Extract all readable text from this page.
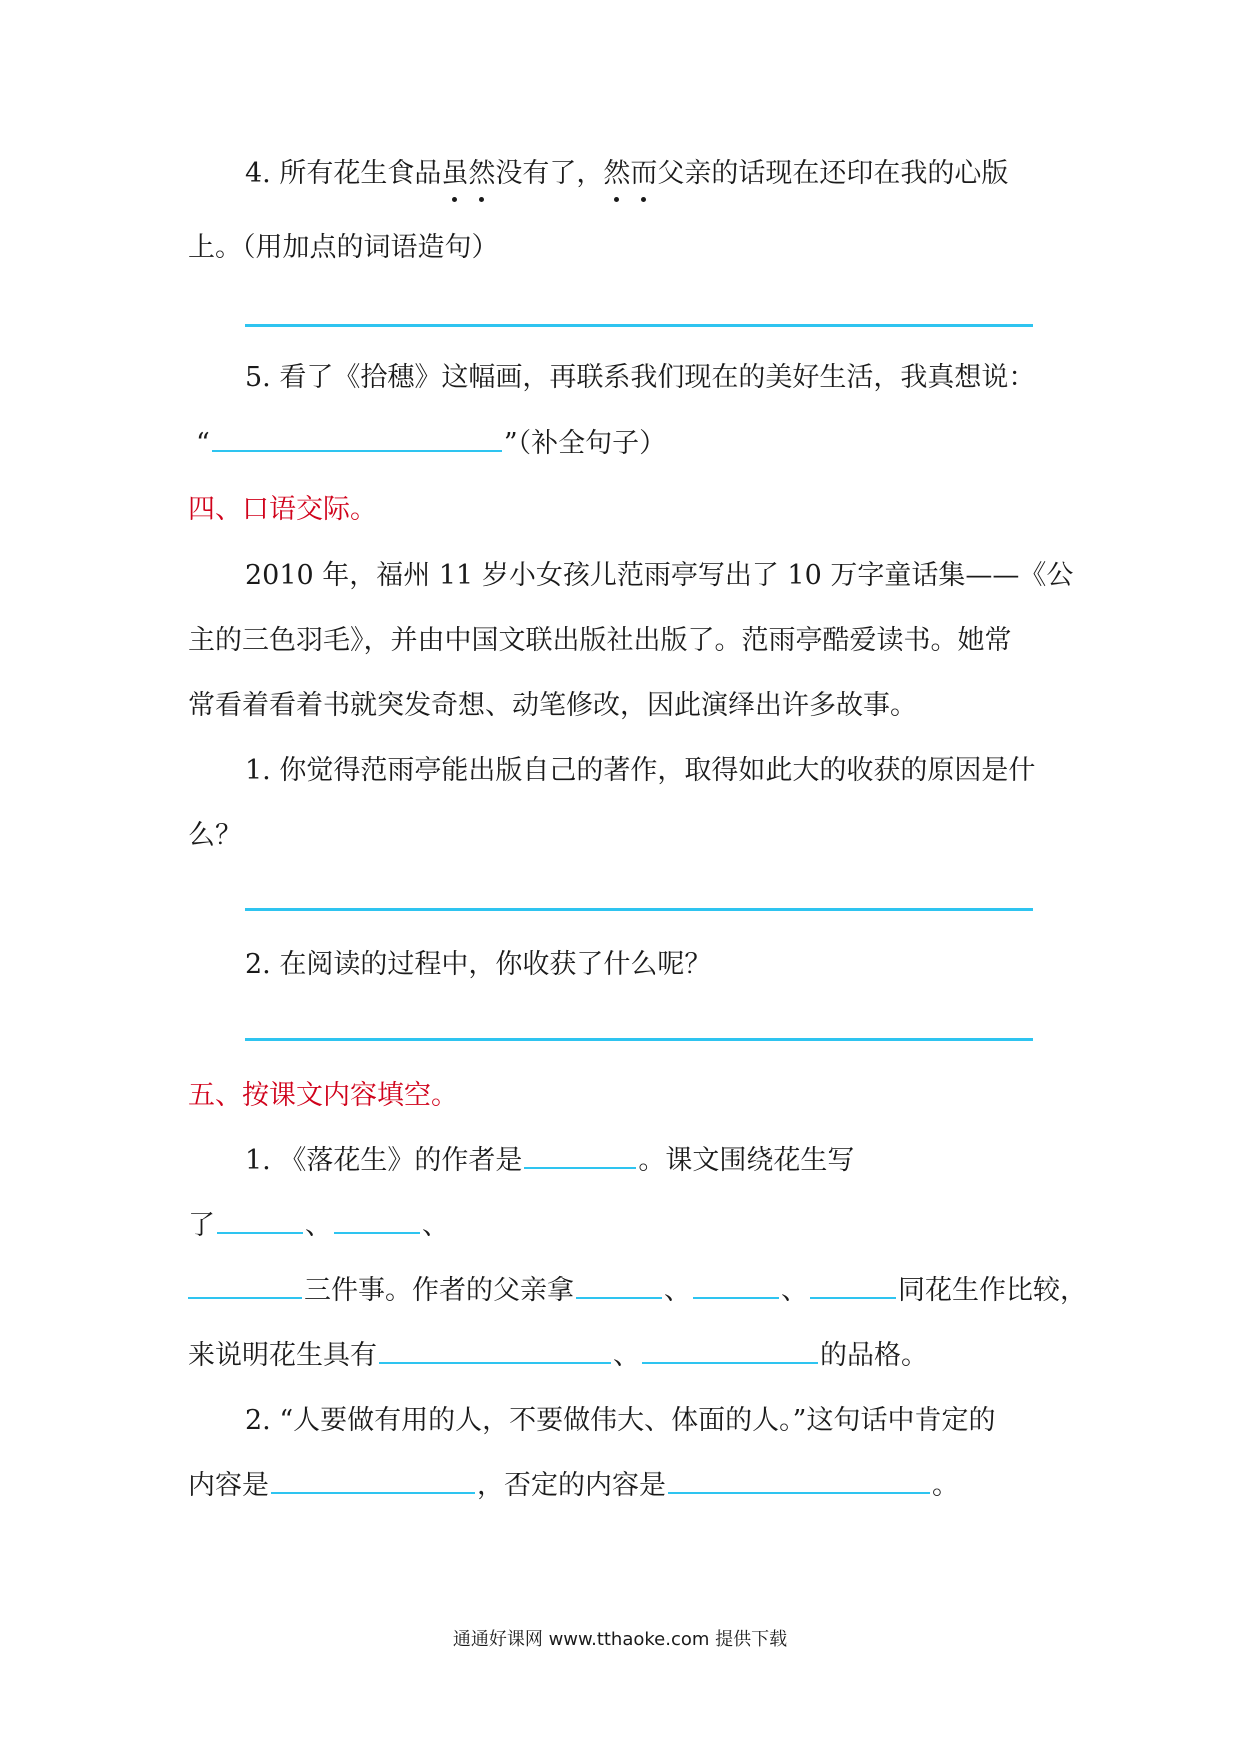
4. 所有花生食品虽然没有了，然而父亲的话现在还印在我的心版
上。（用加点的词语造句）
5. 看了《拾穗》这幅画，再联系我们现在的美好生活，我真想说：
“	”（补全句子）
四、口语交际。
2010 年，福州 11 岁小女孩儿范雨亭写出了 10 万字童话集——《公
主的三色羽毛》，并由中国文联出版社出版了。范雨亭酷爱读书。她常
常看着看着书就突发奇想、动笔修改，因此演绎出许多故事。
1. 你觉得范雨亭能出版自己的著作，取得如此大的收获的原因是什
么？
2. 在阅读的过程中，你收获了什么呢？
五、按课文内容填空。
1. 《落花生》的作者是	。课文围绕花生写
了	、	、
三件事。作者的父亲拿	、	、	同花生作比较，
来说明花生具有	、	的品格。
2. “人要做有用的人，不要做伟大、体面的人。”这句话中肯定的
内容是	，否定的内容是	。
通通好课网 www.tthaoke.com 提供下载
